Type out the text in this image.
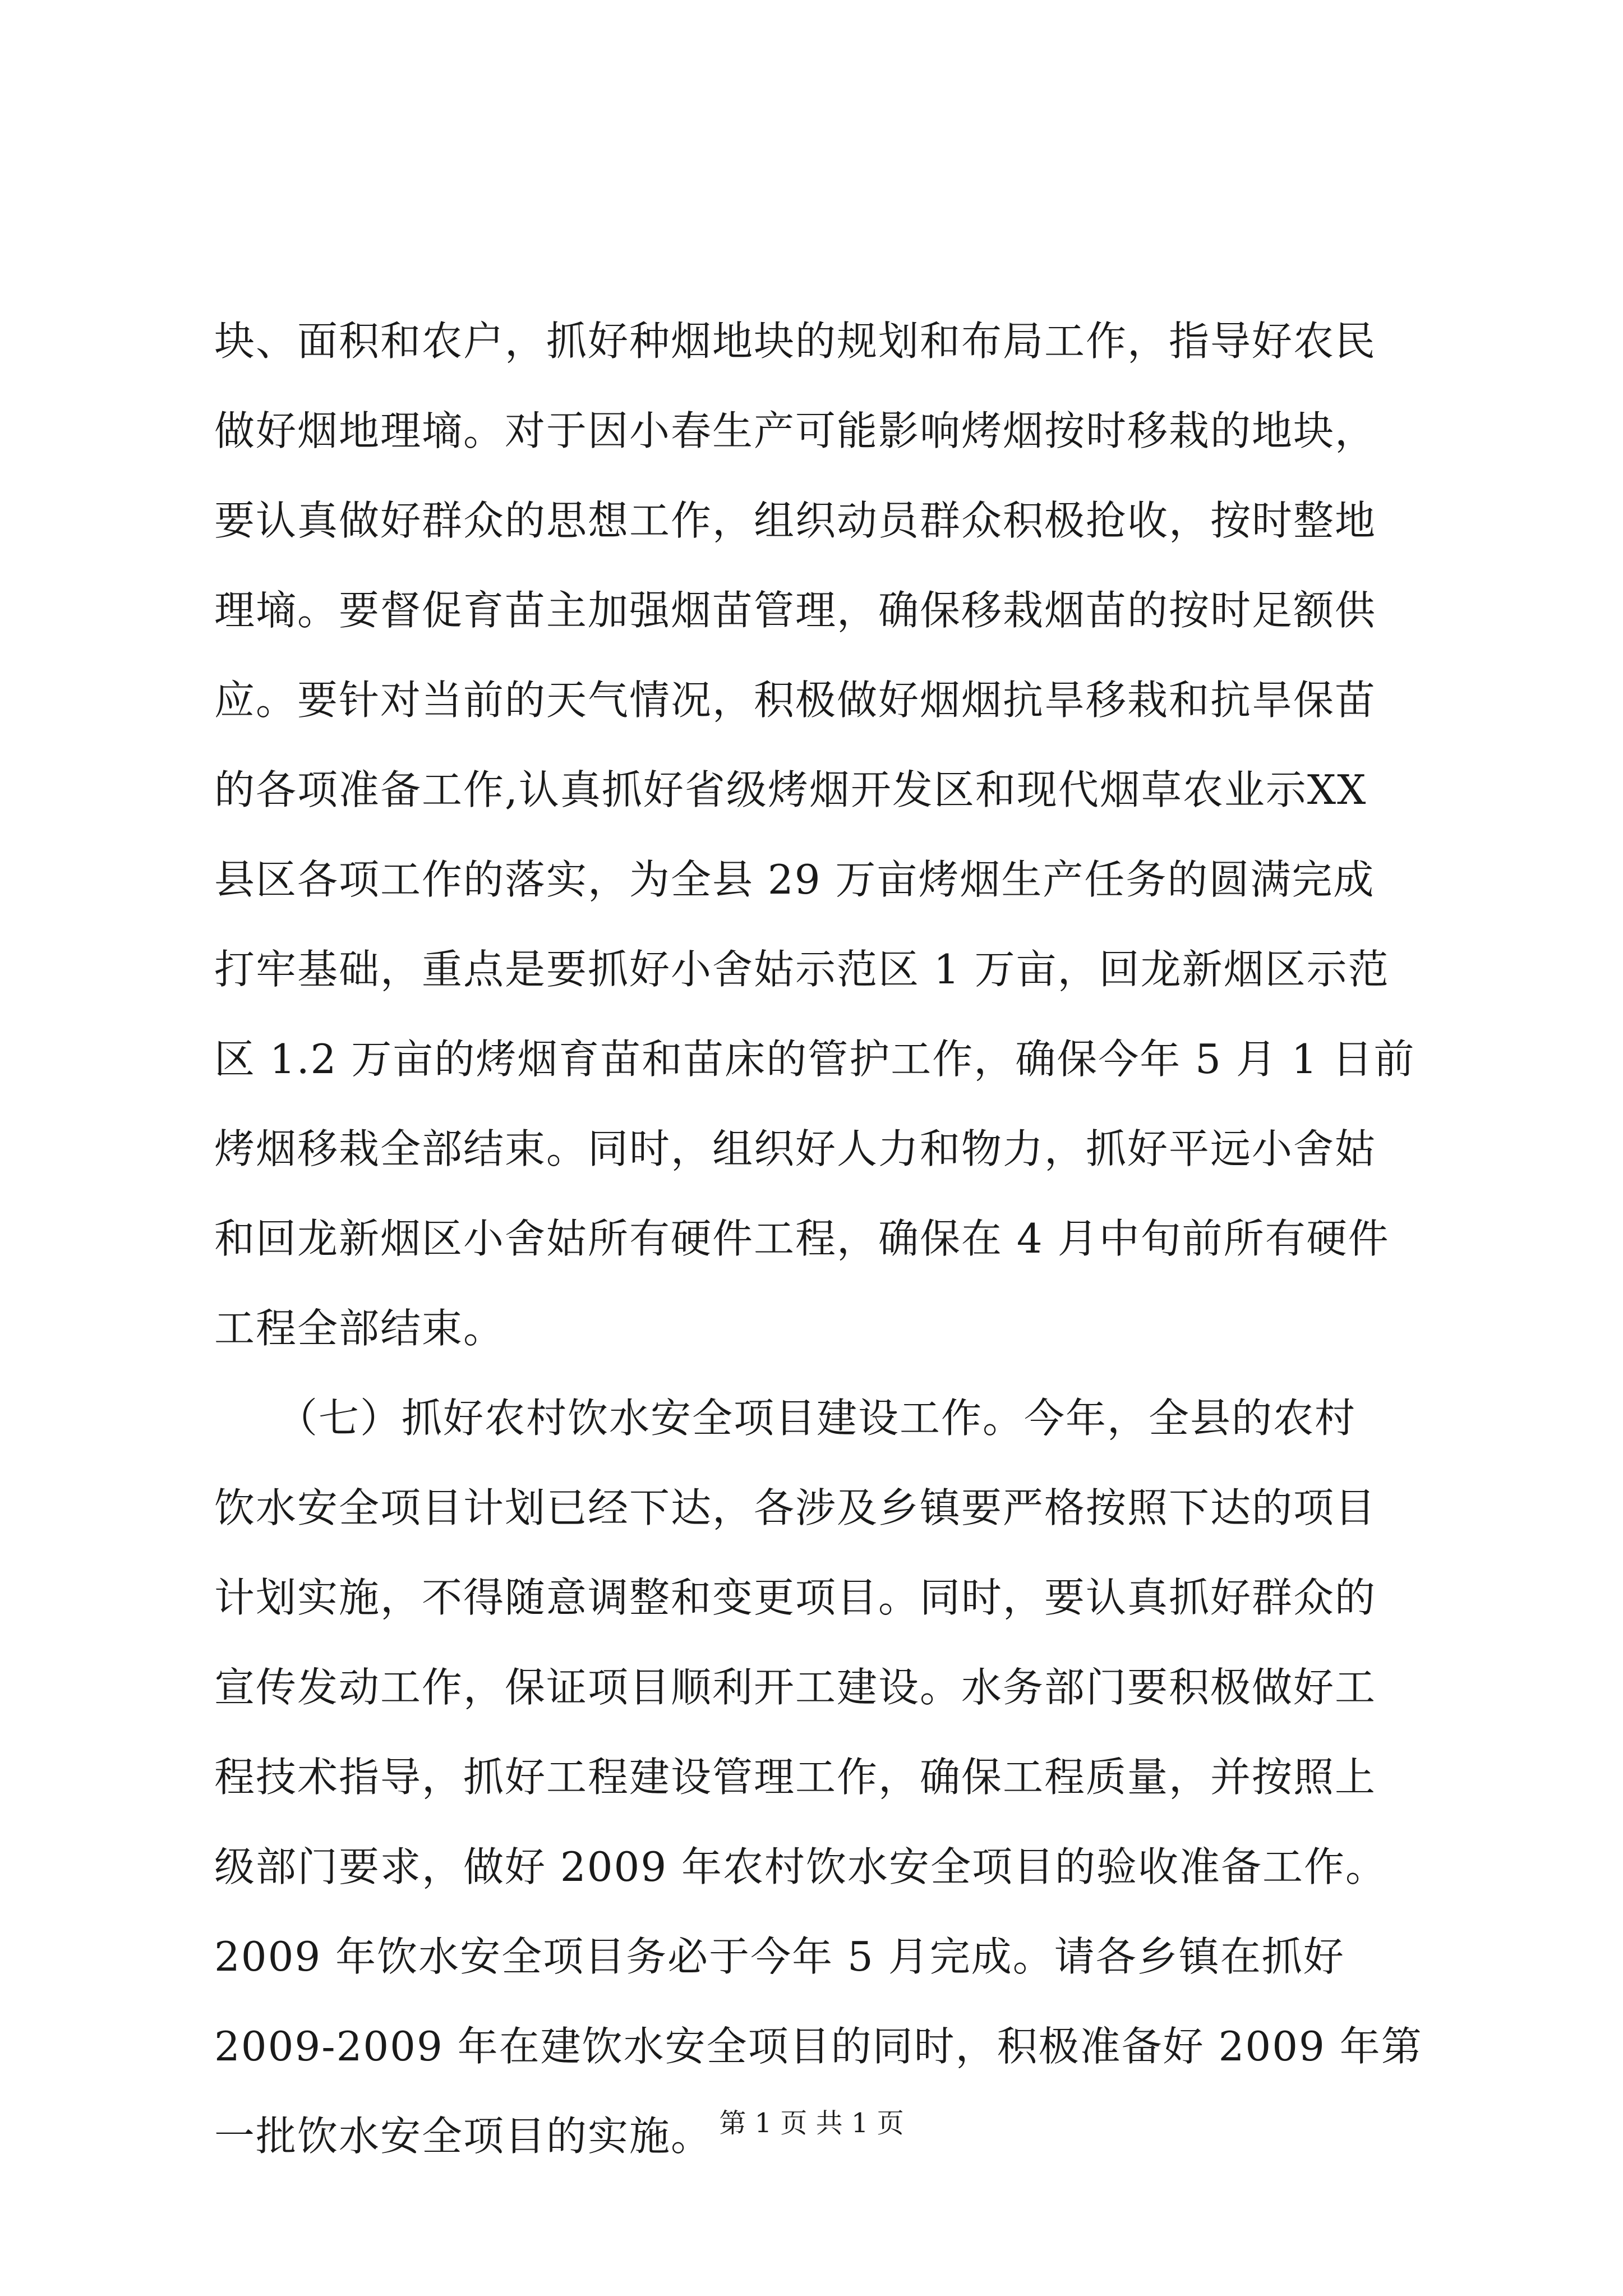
块、面积和农户，抓好种烟地块的规划和布局工作，指导好农民
做好烟地理墒。对于因小春生产可能影响烤烟按时移栽的地块，
要认真做好群众的思想工作，组织动员群众积极抢收，按时整地
理墒。要督促育苗主加强烟苗管理，确保移栽烟苗的按时足额供
应。要针对当前的天气情况，积极做好烟烟抗旱移栽和抗旱保苗
的各项准备工作,认真抓好省级烤烟开发区和现代烟草农业示XX
县区各项工作的落实，为全县 29 万亩烤烟生产任务的圆满完成
打牢基础，重点是要抓好小舍姑示范区 1 万亩，回龙新烟区示范
区 1.2 万亩的烤烟育苗和苗床的管护工作，确保今年 5 月 1 日前
烤烟移栽全部结束。同时，组织好人力和物力，抓好平远小舍姑
和回龙新烟区小舍姑所有硬件工程，确保在 4 月中旬前所有硬件
工程全部结束。
　　（七）抓好农村饮水安全项目建设工作。今年，全县的农村
饮水安全项目计划已经下达，各涉及乡镇要严格按照下达的项目
计划实施，不得随意调整和变更项目。同时，要认真抓好群众的
宣传发动工作，保证项目顺利开工建设。水务部门要积极做好工
程技术指导，抓好工程建设管理工作，确保工程质量，并按照上
级部门要求，做好 2009 年农村饮水安全项目的验收准备工作。
2009 年饮水安全项目务必于今年 5 月完成。请各乡镇在抓好
2009-2009 年在建饮水安全项目的同时，积极准备好 2009 年第
一批饮水安全项目的实施。 第 1 页 共 1 页
